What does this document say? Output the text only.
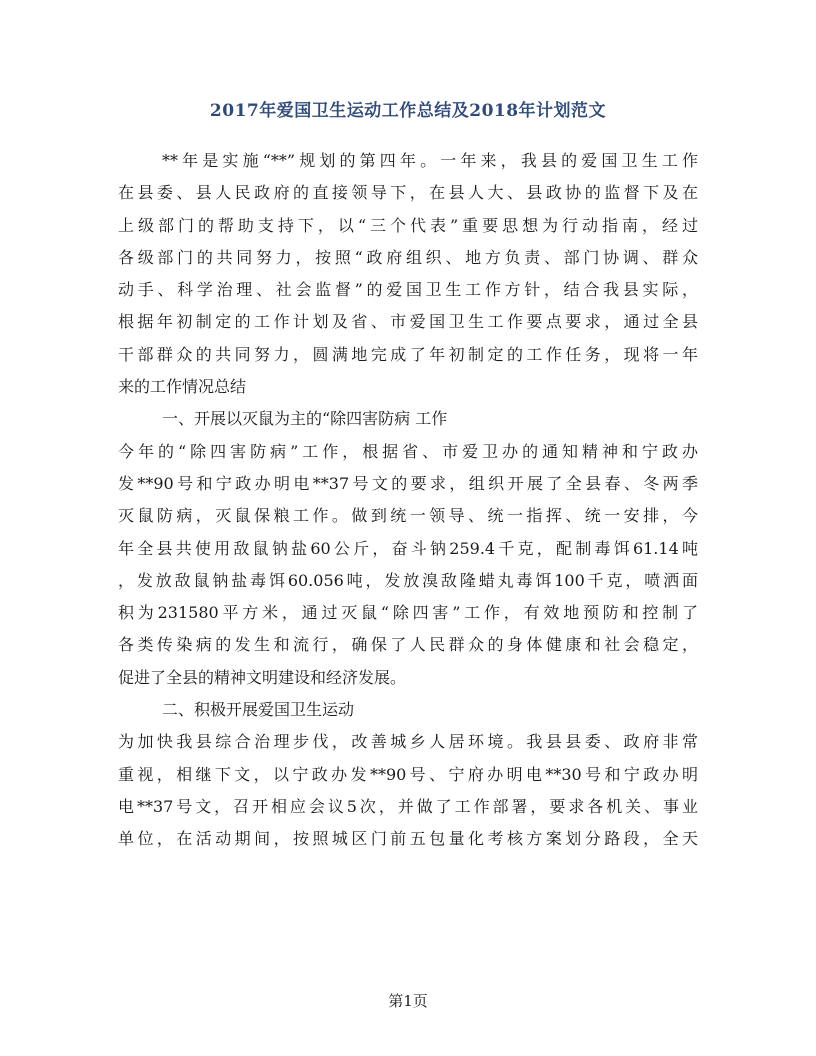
2017年爱国卫生运动工作总结及2018年计划范文
**年是实施“**”规划的第四年。一年来，我县的爱国卫生工作
在县委、县人民政府的直接领导下，在县人大、县政协的监督下及在
上级部门的帮助支持下，以“三个代表”重要思想为行动指南，经过
各级部门的共同努力，按照“政府组织、地方负责、部门协调、群众
动手、科学治理、社会监督”的爱国卫生工作方针，结合我县实际，
根据年初制定的工作计划及省、市爱国卫生工作要点要求，通过全县
干部群众的共同努力，圆满地完成了年初制定的工作任务，现将一年
来的工作情况总结
一、开展以灭鼠为主的“除四害防病 工作
今年的“除四害防病”工作，根据省、市爱卫办的通知精神和宁政办
发**90号和宁政办明电**37号文的要求，组织开展了全县春、冬两季
灭鼠防病，灭鼠保粮工作。做到统一领导、统一指挥、统一安排，今
年全县共使用敌鼠钠盐60公斤，奋斗钠259.4千克，配制毒饵61.14吨
，发放敌鼠钠盐毒饵60.056吨，发放溴敌隆蜡丸毒饵100千克，喷洒面
积为231580平方米，通过灭鼠“除四害”工作，有效地预防和控制了
各类传染病的发生和流行，确保了人民群众的身体健康和社会稳定，
促进了全县的精神文明建设和经济发展。
二、积极开展爱国卫生运动
为加快我县综合治理步伐，改善城乡人居环境。我县县委、政府非常
重视，相继下文，以宁政办发**90号、宁府办明电**30号和宁政办明
电**37号文，召开相应会议5次，并做了工作部署，要求各机关、事业
单位，在活动期间，按照城区门前五包量化考核方案划分路段，全天
第1页
